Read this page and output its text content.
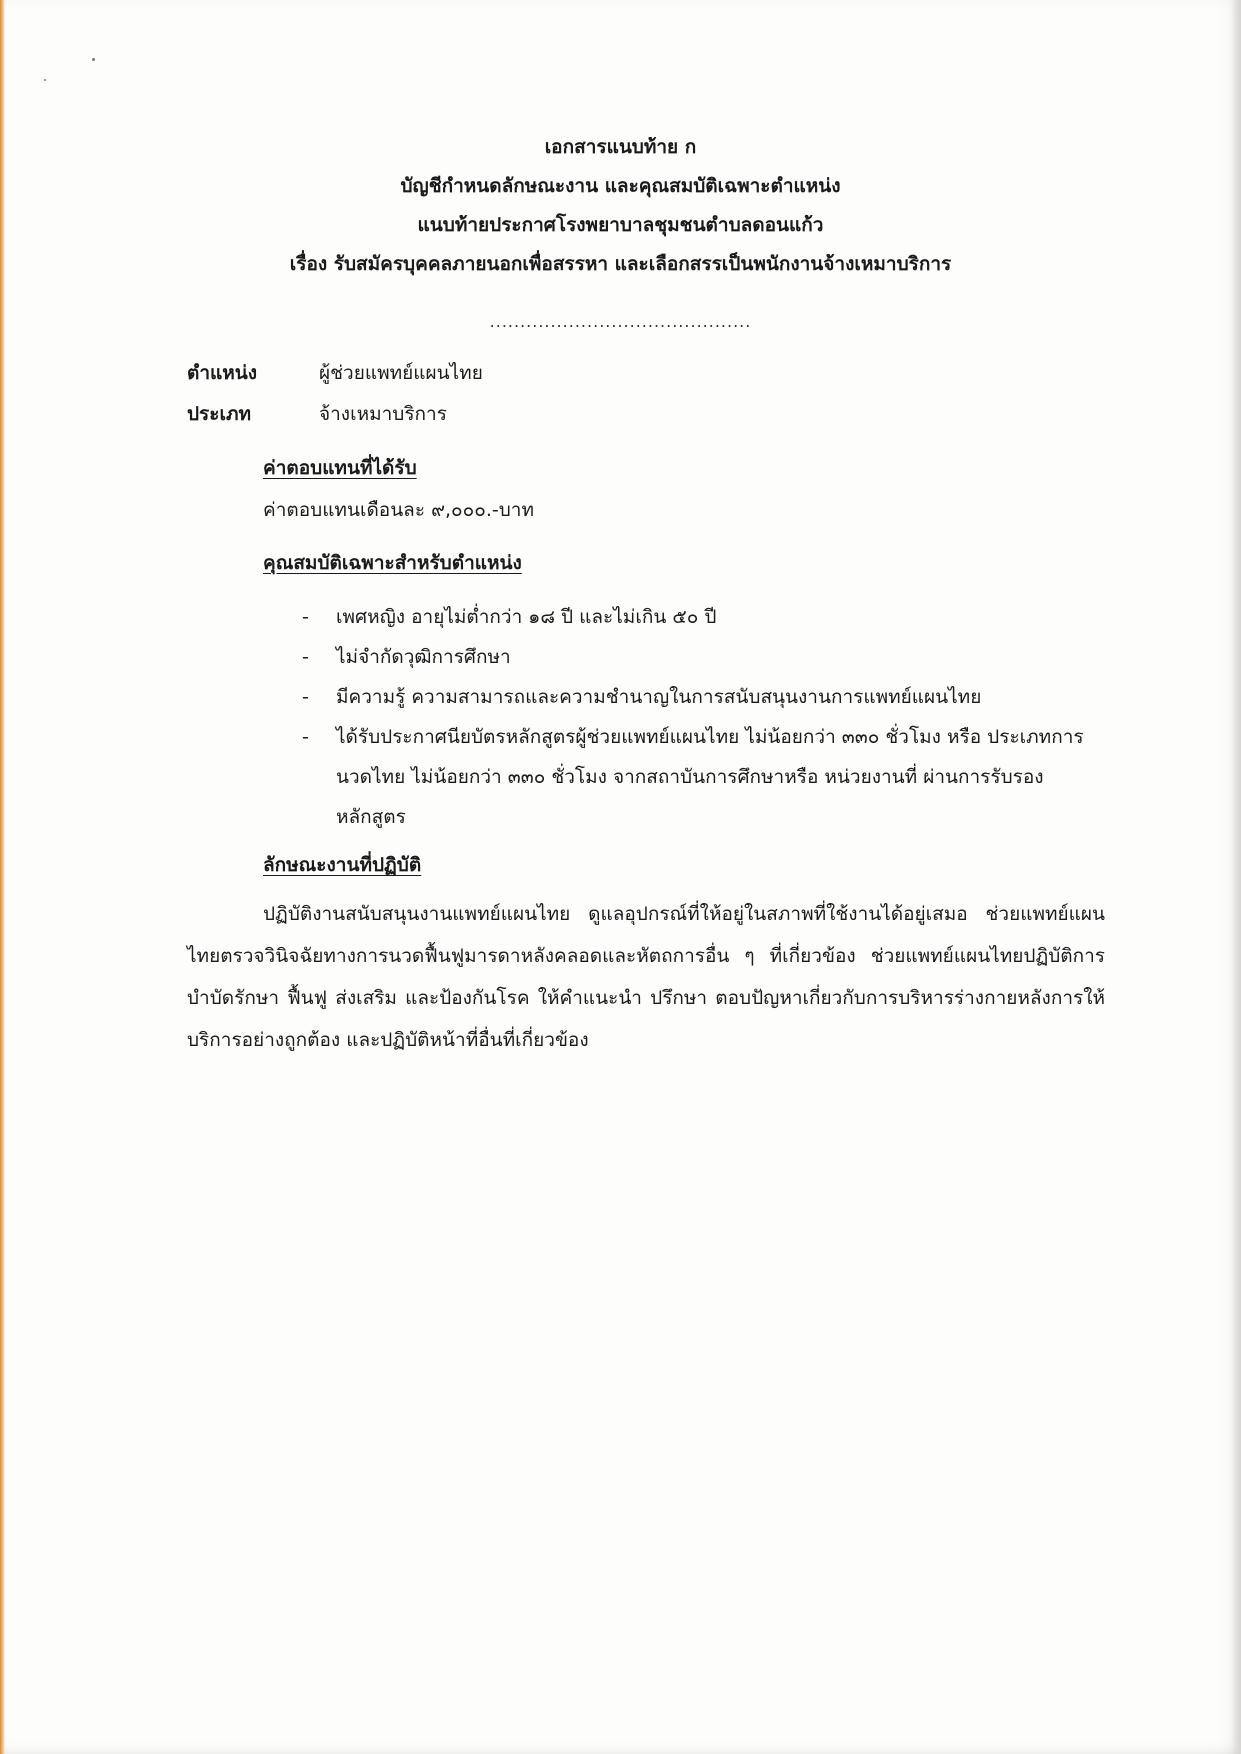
เอกสารแนบท้าย ก
บัญชีกำหนดลักษณะงาน และคุณสมบัติเฉพาะตำแหน่ง
แนบท้ายประกาศโรงพยาบาลชุมชนตำบลดอนแก้ว
เรื่อง รับสมัครบุคคลภายนอกเพื่อสรรหา และเลือกสรรเป็นพนักงานจ้างเหมาบริการ
...........................................
ตำแหน่ง	ผู้ช่วยแพทย์แผนไทย
ประเภท	จ้างเหมาบริการ
ค่าตอบแทนที่ได้รับ
ค่าตอบแทนเดือนละ ๙,๐๐๐.-บาท
คุณสมบัติเฉพาะสำหรับตำแหน่ง
- เพศหญิง อายุไม่ต่ำกว่า ๑๘ ปี และไม่เกิน ๕๐ ปี
- ไม่จำกัดวุฒิการศึกษา
- มีความรู้ ความสามารถและความชำนาญในการสนับสนุนงานการแพทย์แผนไทย
- ได้รับประกาศนียบัตรหลักสูตรผู้ช่วยแพทย์แผนไทย ไม่น้อยกว่า ๓๓๐ ชั่วโมง หรือ ประเภทการนวดไทย ไม่น้อยกว่า ๓๓๐ ชั่วโมง จากสถาบันการศึกษาหรือ หน่วยงานที่ ผ่านการรับรองหลักสูตร
ลักษณะงานที่ปฏิบัติ
ปฏิบัติงานสนับสนุนงานแพทย์แผนไทย ดูแลอุปกรณ์ที่ให้อยู่ในสภาพที่ใช้งานได้อยู่เสมอ ช่วยแพทย์แผนไทยตรวจวินิจฉัยทางการนวดฟื้นฟูมารดาหลังคลอดและหัตถการอื่น ๆ ที่เกี่ยวข้อง ช่วยแพทย์แผนไทยปฏิบัติการบำบัดรักษา ฟื้นฟู ส่งเสริม และป้องกันโรค ให้คำแนะนำ ปรึกษา ตอบปัญหาเกี่ยวกับการบริหารร่างกายหลังการให้บริการอย่างถูกต้อง และปฏิบัติหน้าที่อื่นที่เกี่ยวข้อง
